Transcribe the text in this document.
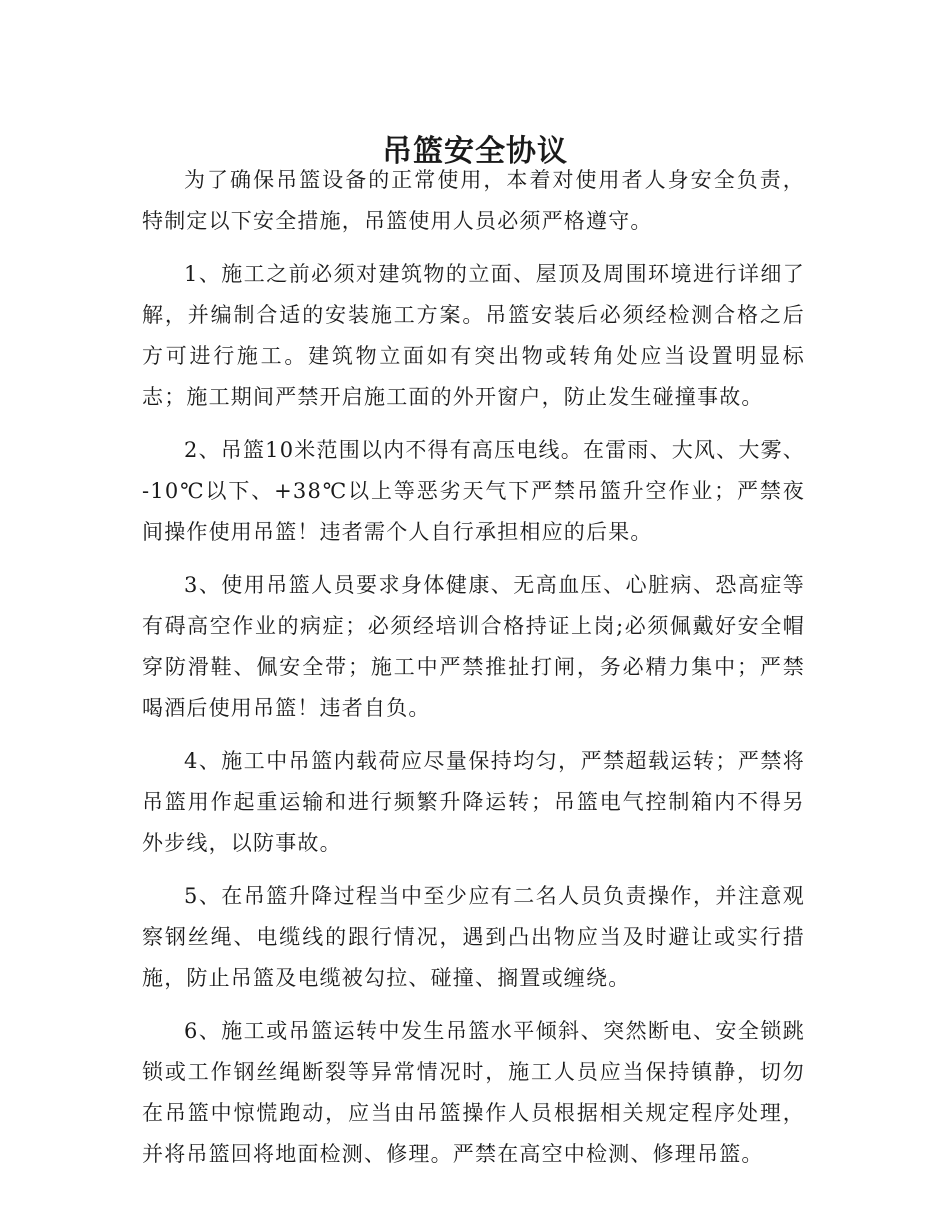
吊篮安全协议

为了确保吊篮设备的正常使用，本着对使用者人身安全负责，特制定以下安全措施，吊篮使用人员必须严格遵守。

1、施工之前必须对建筑物的立面、屋顶及周围环境进行详细了解，并编制合适的安装施工方案。吊篮安装后必须经检测合格之后方可进行施工。建筑物立面如有突出物或转角处应当设置明显标志；施工期间严禁开启施工面的外开窗户，防止发生碰撞事故。

2、吊篮10米范围以内不得有高压电线。在雷雨、大风、大雾、-10℃以下、+38℃以上等恶劣天气下严禁吊篮升空作业；严禁夜间操作使用吊篮！违者需个人自行承担相应的后果。

3、使用吊篮人员要求身体健康、无高血压、心脏病、恐高症等有碍高空作业的病症；必须经培训合格持证上岗;必须佩戴好安全帽穿防滑鞋、佩安全带；施工中严禁推扯打闸，务必精力集中；严禁喝酒后使用吊篮！违者自负。

4、施工中吊篮内载荷应尽量保持均匀，严禁超载运转；严禁将吊篮用作起重运输和进行频繁升降运转；吊篮电气控制箱内不得另外步线，以防事故。

5、在吊篮升降过程当中至少应有二名人员负责操作，并注意观察钢丝绳、电缆线的跟行情况，遇到凸出物应当及时避让或实行措施，防止吊篮及电缆被勾拉、碰撞、搁置或缠绕。

6、施工或吊篮运转中发生吊篮水平倾斜、突然断电、安全锁跳锁或工作钢丝绳断裂等异常情况时，施工人员应当保持镇静，切勿在吊篮中惊慌跑动，应当由吊篮操作人员根据相关规定程序处理，并将吊篮回将地面检测、修理。严禁在高空中检测、修理吊篮。
